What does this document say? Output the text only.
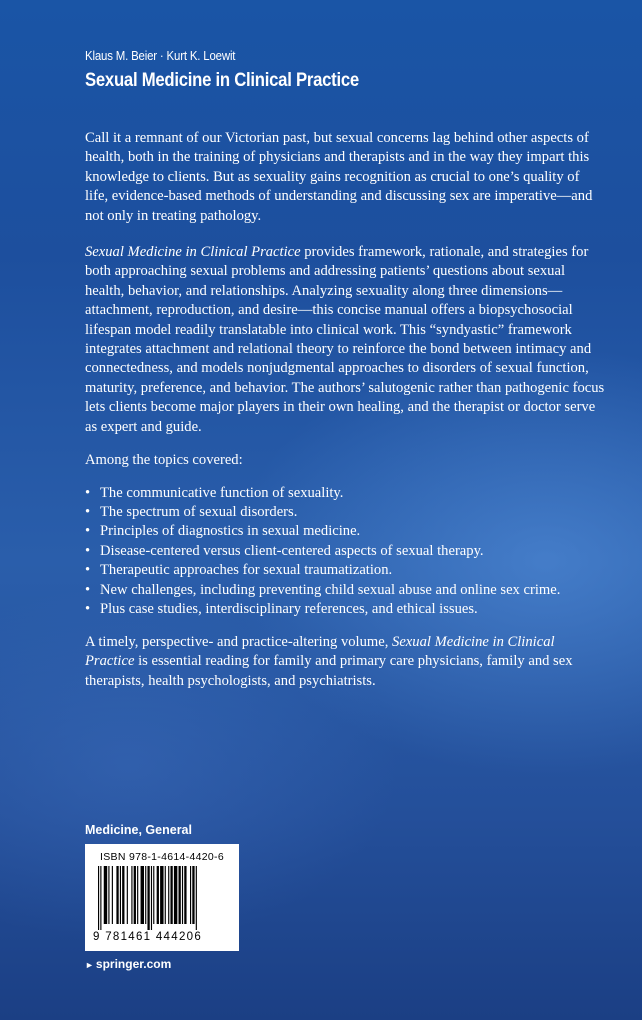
Klaus M. Beier · Kurt K. Loewit
Sexual Medicine in Clinical Practice

Call it a remnant of our Victorian past, but sexual concerns lag behind other aspects of health, both in the training of physicians and therapists and in the way they impart this knowledge to clients. But as sexuality gains recognition as crucial to one’s quality of life, evidence-based methods of understanding and discussing sex are imperative—and not only in treating pathology.

Sexual Medicine in Clinical Practice provides framework, rationale, and strategies for both approaching sexual problems and addressing patients’ questions about sexual health, behavior, and relationships. Analyzing sexuality along three dimensions—attachment, reproduction, and desire—this concise manual offers a biopsychosocial lifespan model readily translatable into clinical work. This “syndyastic” framework integrates attachment and relational theory to reinforce the bond between intimacy and connectedness, and models nonjudgmental approaches to disorders of sexual function, maturity, preference, and behavior. The authors’ salutogenic rather than pathogenic focus lets clients become major players in their own healing, and the therapist or doctor serve as expert and guide.

Among the topics covered:

• The communicative function of sexuality.
• The spectrum of sexual disorders.
• Principles of diagnostics in sexual medicine.
• Disease-centered versus client-centered aspects of sexual therapy.
• Therapeutic approaches for sexual traumatization.
• New challenges, including preventing child sexual abuse and online sex crime.
• Plus case studies, interdisciplinary references, and ethical issues.

A timely, perspective- and practice-altering volume, Sexual Medicine in Clinical Practice is essential reading for family and primary care physicians, family and sex therapists, health psychologists, and psychiatrists.

Medicine, General
ISBN 978-1-4614-4420-6
9 781461 444206
► springer.com
